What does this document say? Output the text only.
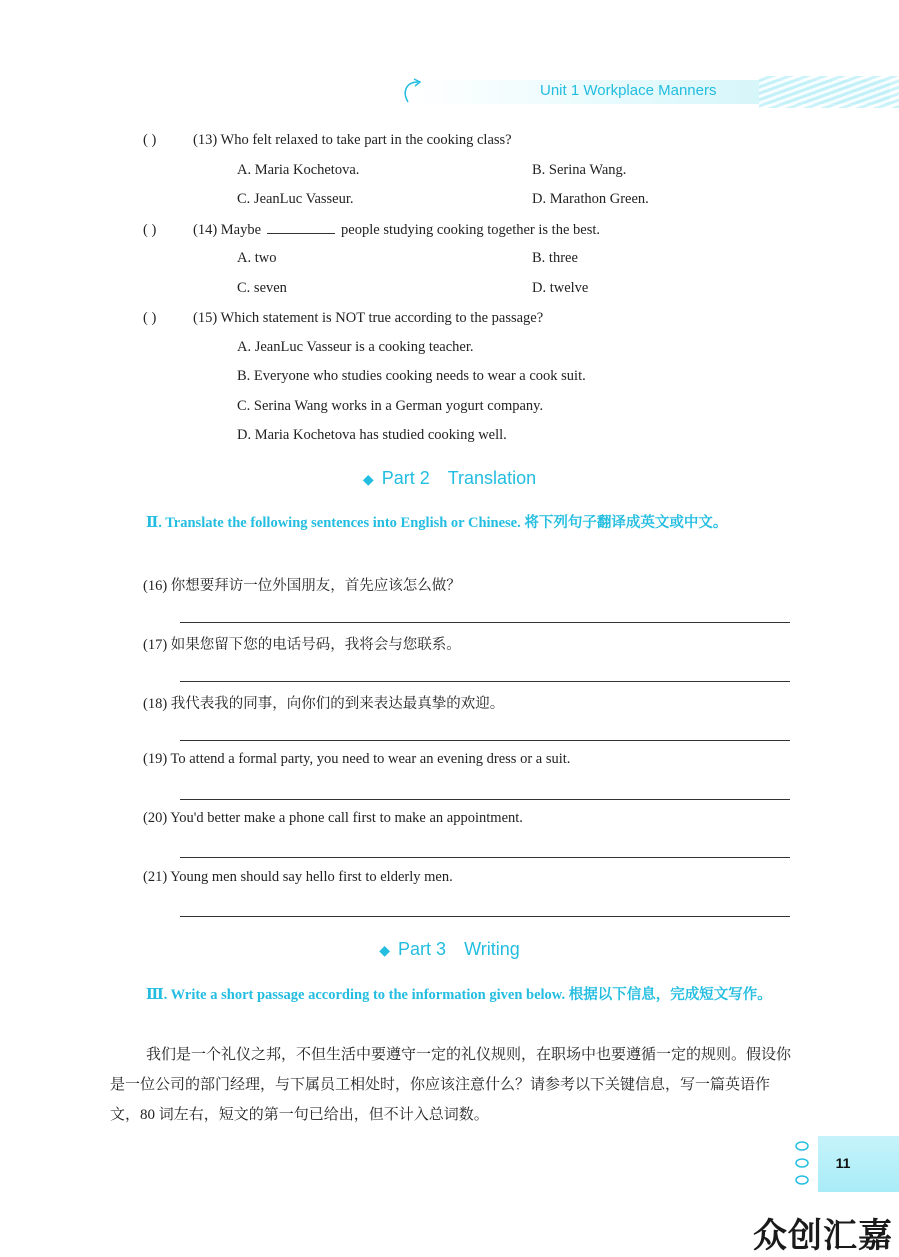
Unit 1 Workplace Manners
( )	(13) Who felt relaxed to take part in the cooking class?
A. Maria Kochetova.	B. Serina Wang.
C. JeanLuc Vasseur.	D. Marathon Green.
( )	(14) Maybe	people studying cooking together is the best.
A. two	B. three
C. seven	D. twelve
( )	(15) Which statement is NOT true according to the passage?
A. JeanLuc Vasseur is a cooking teacher.
B. Everyone who studies cooking needs to wear a cook suit.
C. Serina Wang works in a German yogurt company.
D. Maria Kochetova has studied cooking well.
◆ Part 2 Translation
Ⅱ. Translate the following sentences into English or Chinese. 将下列句子翻译成英文或中文。
(16) 你想要拜访一位外国朋友，首先应该怎么做？
(17) 如果您留下您的电话号码，我将会与您联系。
(18) 我代表我的同事，向你们的到来表达最真挚的欢迎。
(19) To attend a formal party, you need to wear an evening dress or a suit.
(20) You'd better make a phone call first to make an appointment.
(21) Young men should say hello first to elderly men.
◆ Part 3 Writing
Ⅲ. Write a short passage according to the information given below. 根据以下信息，完成短文写作。
我们是一个礼仪之邦，不但生活中要遵守一定的礼仪规则，在职场中也要遵循一定的规则。假设你是一位公司的部门经理，与下属员工相处时，你应该注意什么？请参考以下关键信息，写一篇英语作文，80 词左右，短文的第一句已给出，但不计入总词数。
11
众创汇嘉
